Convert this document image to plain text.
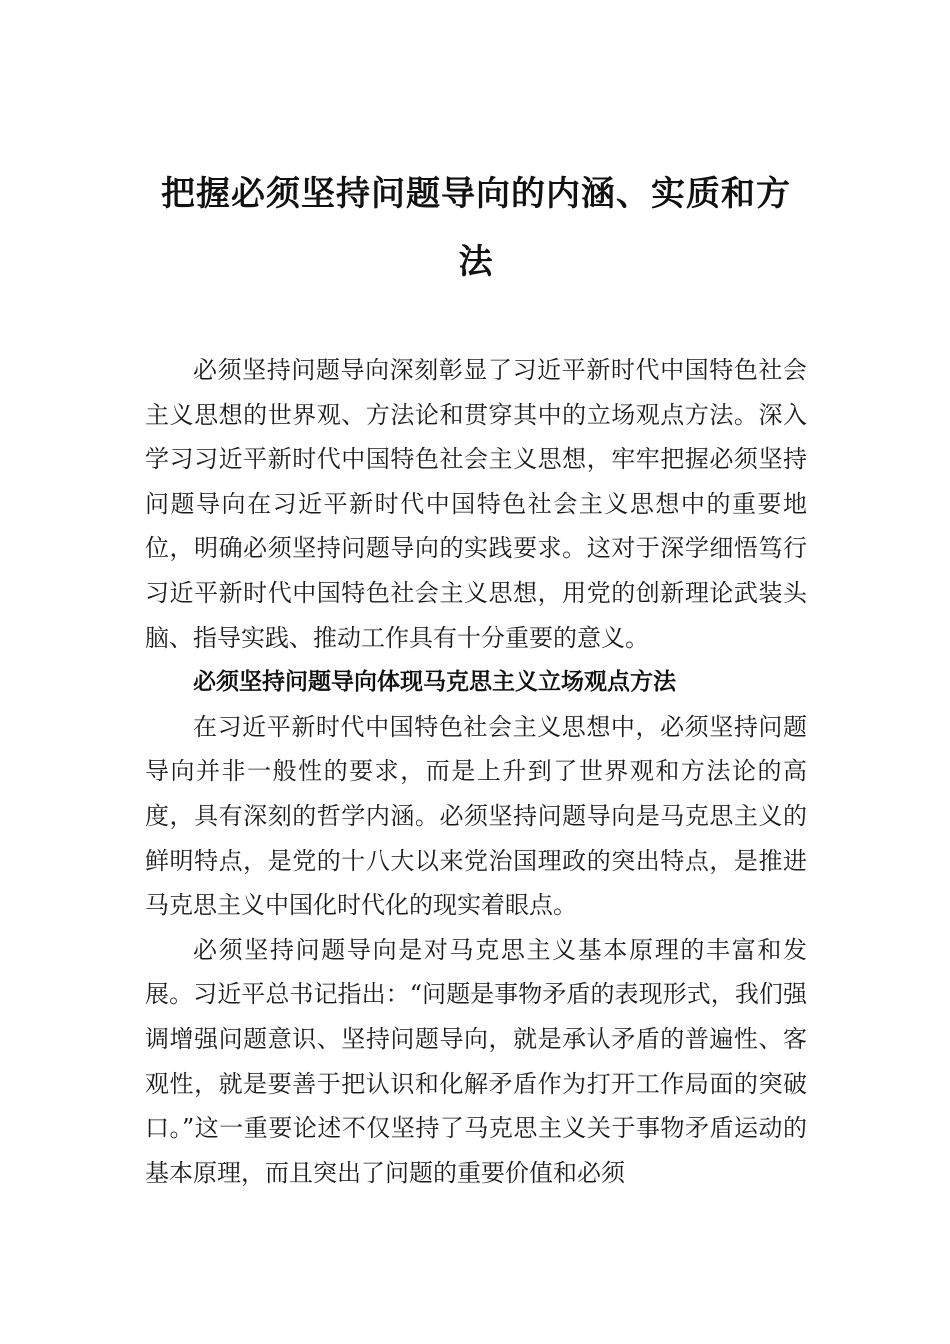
把握必须坚持问题导向的内涵、实质和方法

必须坚持问题导向深刻彰显了习近平新时代中国特色社会主义思想的世界观、方法论和贯穿其中的立场观点方法。深入学习习近平新时代中国特色社会主义思想，牢牢把握必须坚持问题导向在习近平新时代中国特色社会主义思想中的重要地位，明确必须坚持问题导向的实践要求。这对于深学细悟笃行习近平新时代中国特色社会主义思想，用党的创新理论武装头脑、指导实践、推动工作具有十分重要的意义。

必须坚持问题导向体现马克思主义立场观点方法

在习近平新时代中国特色社会主义思想中，必须坚持问题导向并非一般性的要求，而是上升到了世界观和方法论的高度，具有深刻的哲学内涵。必须坚持问题导向是马克思主义的鲜明特点，是党的十八大以来党治国理政的突出特点，是推进马克思主义中国化时代化的现实着眼点。

必须坚持问题导向是对马克思主义基本原理的丰富和发展。习近平总书记指出：“问题是事物矛盾的表现形式，我们强调增强问题意识、坚持问题导向，就是承认矛盾的普遍性、客观性，就是要善于把认识和化解矛盾作为打开工作局面的突破口。”这一重要论述不仅坚持了马克思主义关于事物矛盾运动的基本原理，而且突出了问题的重要价值和必须
